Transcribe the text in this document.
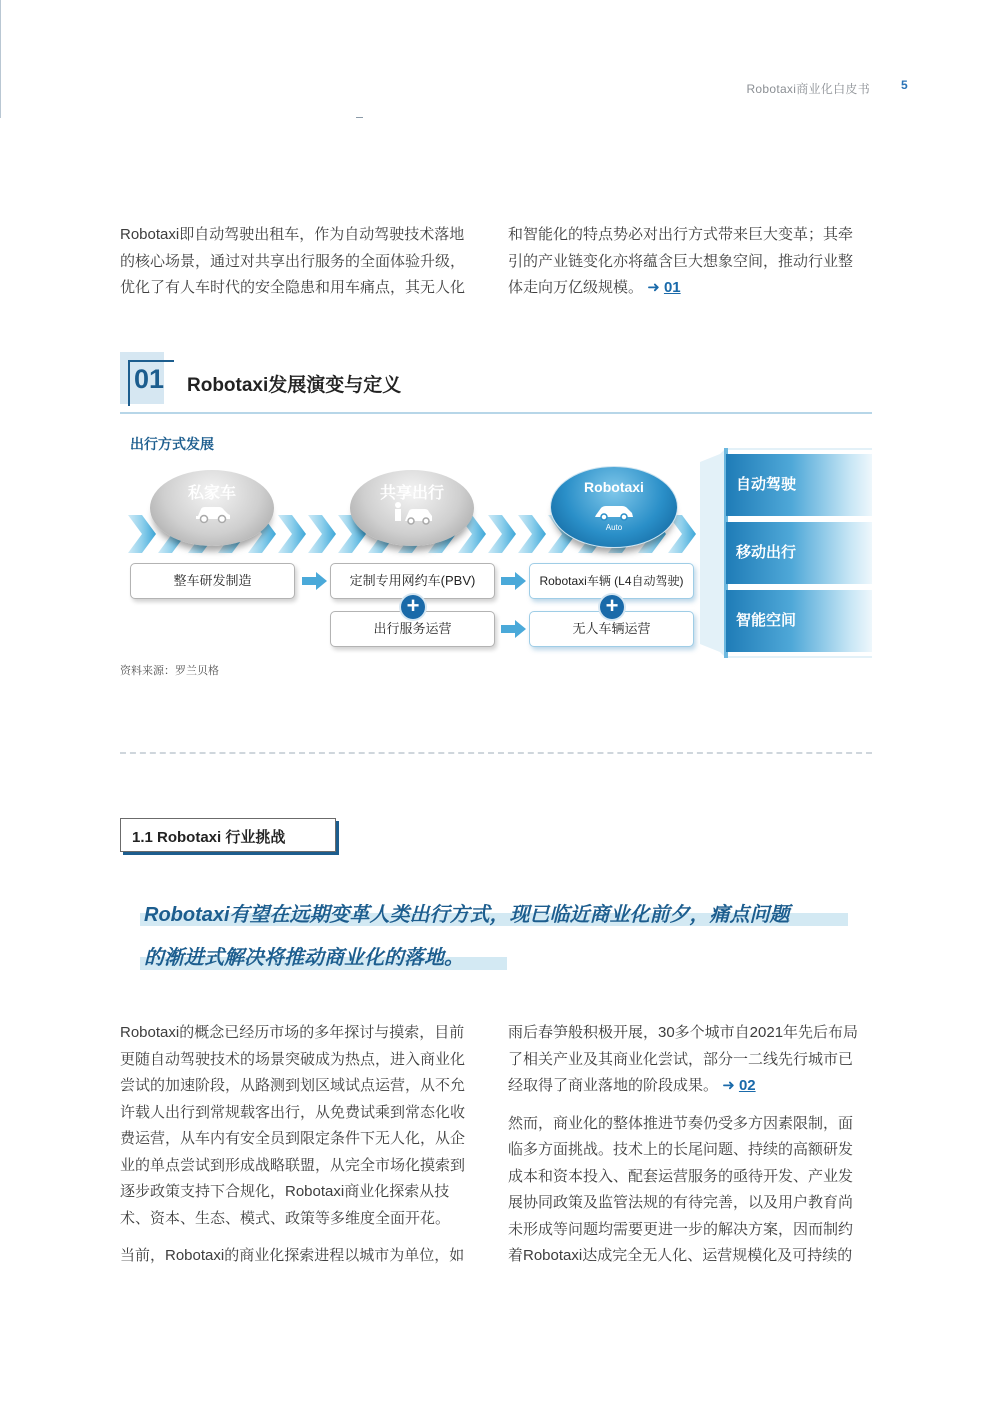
Robotaxi商业化白皮书	5

Robotaxi即自动驾驶出租车，作为自动驾驶技术落地

的核心场景，通过对共享出行服务的全面体验升级，

优化了有人车时代的安全隐患和用车痛点，其无人化

和智能化的特点势必对出行方式带来巨大变革；其牵

引的产业链变化亦将蕴含巨大想象空间，推动行业整

体走向万亿级规模。 ➜ 01

01 Robotaxi发展演变与定义
出行方式发展
私家车	共享出行	Robotaxi
Auto
整车研发制造	定制专用网约车(PBV)	Robotaxi车辆 (L4自动驾驶)
出行服务运营	无人车辆运营
+	+
自动驾驶
移动出行
智能空间
资料来源：罗兰贝格
1.1 Robotaxi 行业挑战
Robotaxi有望在远期变革人类出行方式，现已临近商业化前夕，痛点问题
的渐进式解决将推动商业化的落地。

Robotaxi的概念已经历市场的多年探讨与摸索，目前

更随自动驾驶技术的场景突破成为热点，进入商业化

尝试的加速阶段，从路测到划区域试点运营，从不允

许载人出行到常规载客出行，从免费试乘到常态化收

费运营，从车内有安全员到限定条件下无人化，从企

业的单点尝试到形成战略联盟，从完全市场化摸索到

逐步政策支持下合规化，Robotaxi商业化探索从技

术、资本、生态、模式、政策等多维度全面开花。

当前，Robotaxi的商业化探索进程以城市为单位，如

雨后春笋般积极开展，30多个城市自2021年先后布局

了相关产业及其商业化尝试，部分一二线先行城市已

经取得了商业落地的阶段成果。 ➜ 02

然而，商业化的整体推进节奏仍受多方因素限制，面

临多方面挑战。技术上的长尾问题、持续的高额研发

成本和资本投入、配套运营服务的亟待开发、产业发

展协同政策及监管法规的有待完善，以及用户教育尚

未形成等问题均需要更进一步的解决方案，因而制约

着Robotaxi达成完全无人化、运营规模化及可持续的
